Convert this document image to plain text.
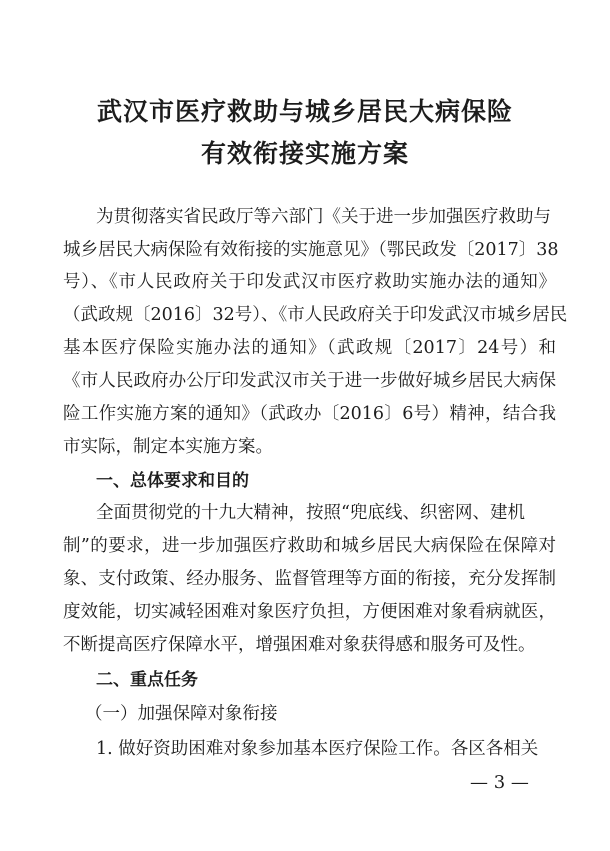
武汉市医疗救助与城乡居民大病保险
有效衔接实施方案
为贯彻落实省民政厅等六部门《关于进一步加强医疗救助与
城乡居民大病保险有效衔接的实施意见》（鄂民政发〔2017〕38
号）、《市人民政府关于印发武汉市医疗救助实施办法的通知》
（武政规〔2016〕32号）、《市人民政府关于印发武汉市城乡居民
基本医疗保险实施办法的通知》（武政规〔2017〕24号）和
《市人民政府办公厅印发武汉市关于进一步做好城乡居民大病保
险工作实施方案的通知》（武政办〔2016〕6号）精神，结合我
市实际，制定本实施方案。
一、总体要求和目的
全面贯彻党的十九大精神，按照“兜底线、织密网、建机
制”的要求，进一步加强医疗救助和城乡居民大病保险在保障对
象、支付政策、经办服务、监督管理等方面的衔接，充分发挥制
度效能，切实减轻困难对象医疗负担，方便困难对象看病就医，
不断提高医疗保障水平，增强困难对象获得感和服务可及性。
二、重点任务
（一）加强保障对象衔接
1. 做好资助困难对象参加基本医疗保险工作。各区各相关
— 3 —
